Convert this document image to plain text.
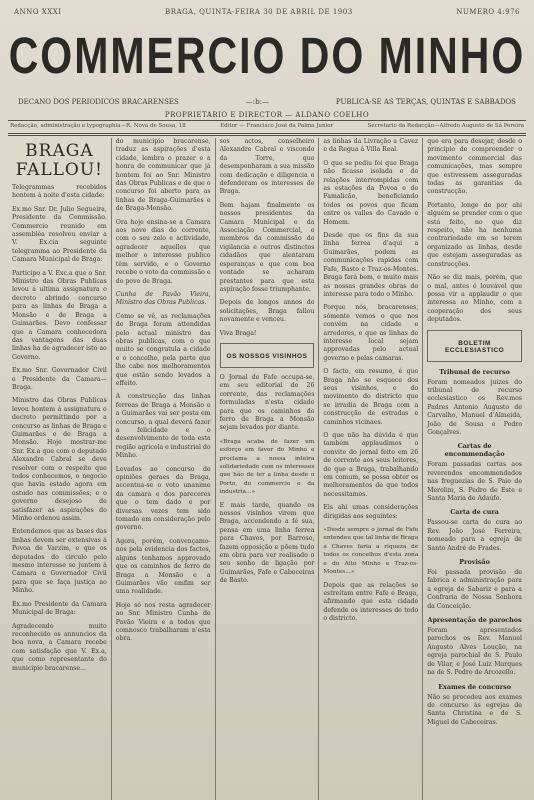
ANNO XXXI	BRAGA, QUINTA-FEIRA 30 DE ABRIL DE 1903	NUMERO 4:976
COMMERCIO DO MINHO
DECANO DOS PERIODICOS BRACARENSES	—:b:—	PUBLICA-SE AS TERÇAS, QUINTAS E SABBADOS
PROPRIETARIO E DIRECTOR — ALDANO COELHO
Redacção, administração e typographia—R. Nova de Sousa, 18	Editor — Francisco José da Palma Junior	Secretario da Redacção—Alfredo Augusto de Sá Pereira
BRAGA FALLOU!

Telegrammas recebidos hontem á noite d'esta cidade:

Ex.mo Snr. Dr. Julio Segueira, Presidente da Commissão. Commercio reunido em assembléa resolveu enviar a V. Ex.cia seguinte telegramma ao Presidente da Camara Municipal de Braga:

Participo a V. Exc.a que o Snr. Ministro das Obras Publicas levou á ultima assignatura o decreto abrindo concurso para as linhas de Braga a Monsão e de Braga a Guimarães. Devo confessar que a Camara conhecedora das vantagens das duas linhas ha de agradecer isto ao Governo.

Ex.mo Snr. Governador Civil e Presidente da Camara—Braga.

Ministro das Obras Publicas levou hontem á assignatura o decreto permittindo por a concurso as linhas de Braga e Guimarães e de Braga a Monsão. Hoje mostrar-me Snr. Ex.a que com o deputado Alexandre Cabral se deve resolver com o respeito que todos conhecemos, o negocio que havia estado agora em estudo nas commissões; e o governo desejoso de satisfazer as aspirações do Minho ordenou assim.

Entendemos que as bases das linhas devem ser extensivas á Povoa de Varzim, e que os deputados do circulo pelo mesmo interesse se juntem á Camara e Governador Civil para que se faça justiça ao Minho.

Ex.mo Presidente da Camara Municipal de Braga:

Agradecendo muito reconhecido os annuncios da boa nova, a Camara recebe com satisfação que V. Ex.a, que como representante do municipio bracarense...

do municipio bracarense, traduz as aspirações d'esta cidade, lembra o prazer e a honra de communicar que já hontem foi ao Snr. Ministro das Obras Publicas e de que o concurso foi aberto para as linhas de Braga-Guimarães e de Braga-Monsão.

Ora hoje ensina-se a Camara aos nove dias do corrente, com o seu zelo e actividade, agradecer aquelles que melhor o interesse publico têm servido, e o Governo recebe o voto da commissão e do povo de Braga.

Cunha de Pavão Vieira, Ministro das Obras Publicas.

Como se vê, as reclamações de Braga foram attendidas pelo actual ministro das obras publicas, com o que muito se congratula a cidade e o concelho, pela parte que lhe cabe nos melhoramentos que estão sendo levados a effeito.

A construcção das linhas ferreas de Braga a Monsão e a Guimarães vai ser posta em concurso, a qual deverá fazer a felicidade e o desenvolvimento de toda esta região agricola e industrial do Minho.

Levados ao concurso de opiniões geraes da Braga, accentua-se o voto unanime da camara e dos pareceres que o tem dado e por diversas vezes tem sido tomado em consideração pelo governo.

Agora, porém, convençamo-nos pela evidencia dos factos, alguns tenhamos approvado que os caminhos de ferro de Braga a Monsão e a Guimarães vão emfim ser uma realidade.

Hoje só nos resta agradecer ao Snr. Ministro Cunha de Pavão Vieira e a todos que comnosco trabalharam n'esta obra.

sos actos, conselheiro Alexandre Cabral e visconde da Torre, que desempenharam a sua missão com dedicação e diligencia e defenderam os interesses de Braga.

Bem hajam finalmente os nossos presidentes da Camara Municipal e da Associação Commercial, e membros da commissão de vigilancia e outros distinctos cidadãos que alentaram esperanças e que com boa vontade se acharam prestantes para que esta aspiração fosse triumphante.

Depois de longos annos de solicitações, Braga fallou novamente e venceu.

Viva Braga!

OS NOSSOS VISINHOS

O Jornal de Fafe occupa-se, em seu editorial de 26 corrente, das reclamações formuladas n'esta cidade para que os caminhos de ferro de Braga a Monsão sejam levados por diante.

«Braga acaba de fazer um esforço em favor do Minho e proclama a nossa inteira solidariedade com os interesses que hão de ter a linha desde o Porto, do commercio e da industria...»

E mais tarde, quando os nossos visinhos virem que Braga, accendendo a fé sua, pensa em uma linha ferrea para Chaves, por Barroso, fazem opposição e põem tudo em obra para ver realisado o seu sonho de ligação por Guimarães, Fafe e Cabeceiras de Basto.

as linhas da Livração a Cavez e da Regua á Villa Real.

O que se pediu foi que Braga não ficasse isolada e de relações interrompidas com as estações da Povoa e de Famalicão, beneficiando todos os povos que ficam entre os valles do Cavado e Homem.

Desde que os fins da sua linha ferrea d'aqui a Guimarães, podem as communicações rapidas com Fafe, Basto e Traz-os-Montes. Braga fará bem, e muito mais as nossas grandes obras de interesse para todo o Minho.

Porque nós, bracarenses, sómente vemos o que nos convém na cidade e arredores, e que as linhas de interesse local sejam approvadas pelo actual governo e pelas camaras.

O facto, em resumo, é que Braga não se esquece dos seus visinhos, e do movimento do districto que se irradia de Braga com a construcção de estradas e caminhos vicinaes.

O que não ha dúvida é que também applaudimos o convite do jornal feito em 26 de corrente aos seus leitores, de que a Braga, trabalhando em comum, se possa obter os melhoramentos de que todos necessitamos.

Eis ahi umas considerações dirigidas aos seguintes:

«Desde sempre o jornal de Fafe entendeu que tal linha de Braga a Chaves faria a riqueza de todos os concelhos d'esta zona e do Alto Minho e Traz-os-Montes...»

Depois que as relações se estreitam entre Fafe e Braga, afirmando que esta cidade defende os interesses de todo o districto.

que era para desejar, desde o principio de compreender o movimento commercial das comunicações, mas sempre que estivessem asseguradas todas as garantias da construcção.

Portanto, longe de por ahi alguém se prender com o que está feito, no que diz respeito, não ha nenhuma contrariedade em se terem organizado as linhas, desde que estejam asseguradas as construcções.

Não se diz mais, porém, que o mal, antes é louvável que possa vir a applaudir o que interessa ao Minho, com a cooperação dos seus deputados.

BOLETIM ECCLESIASTICO
Tribunal de recurso

Foram nomeados juizes do tribunal de recurso ecclesiastico os Rev.mos Padres Antonio Augusto de Carvalho, Manuel d'Almeida, João de Sousa e Pedro Gonçalves.

Cartas de encommendação

Foram passadas cartas aos reverendos encommendados nas freguezias de S. Paio de Merelim, S. Pedro de Este e Santa Maria de Adaúfe.

Carta de cura

Passou-se carta de cura ao Rev. João José Ferreira, nomeado para a egreja de Santo André de Frades.

Provisão

Foi passada provisão de fabrica e administração para a egreja de Sabariz e para a Confraria de Nossa Senhora da Conceição.

Apresentação de parochos

Foram apresentados parochos os Rev. Manuel Augusto Alves Loução, na egreja parochial de S. Paulo de Vilar, e José Luiz Marques na de S. Pedro de Arcozello.

Exames de concurso

Não se procedeu aos exames de concurso ás egrejas de Santa Christina e de S. Miguel de Cabeceiras.
